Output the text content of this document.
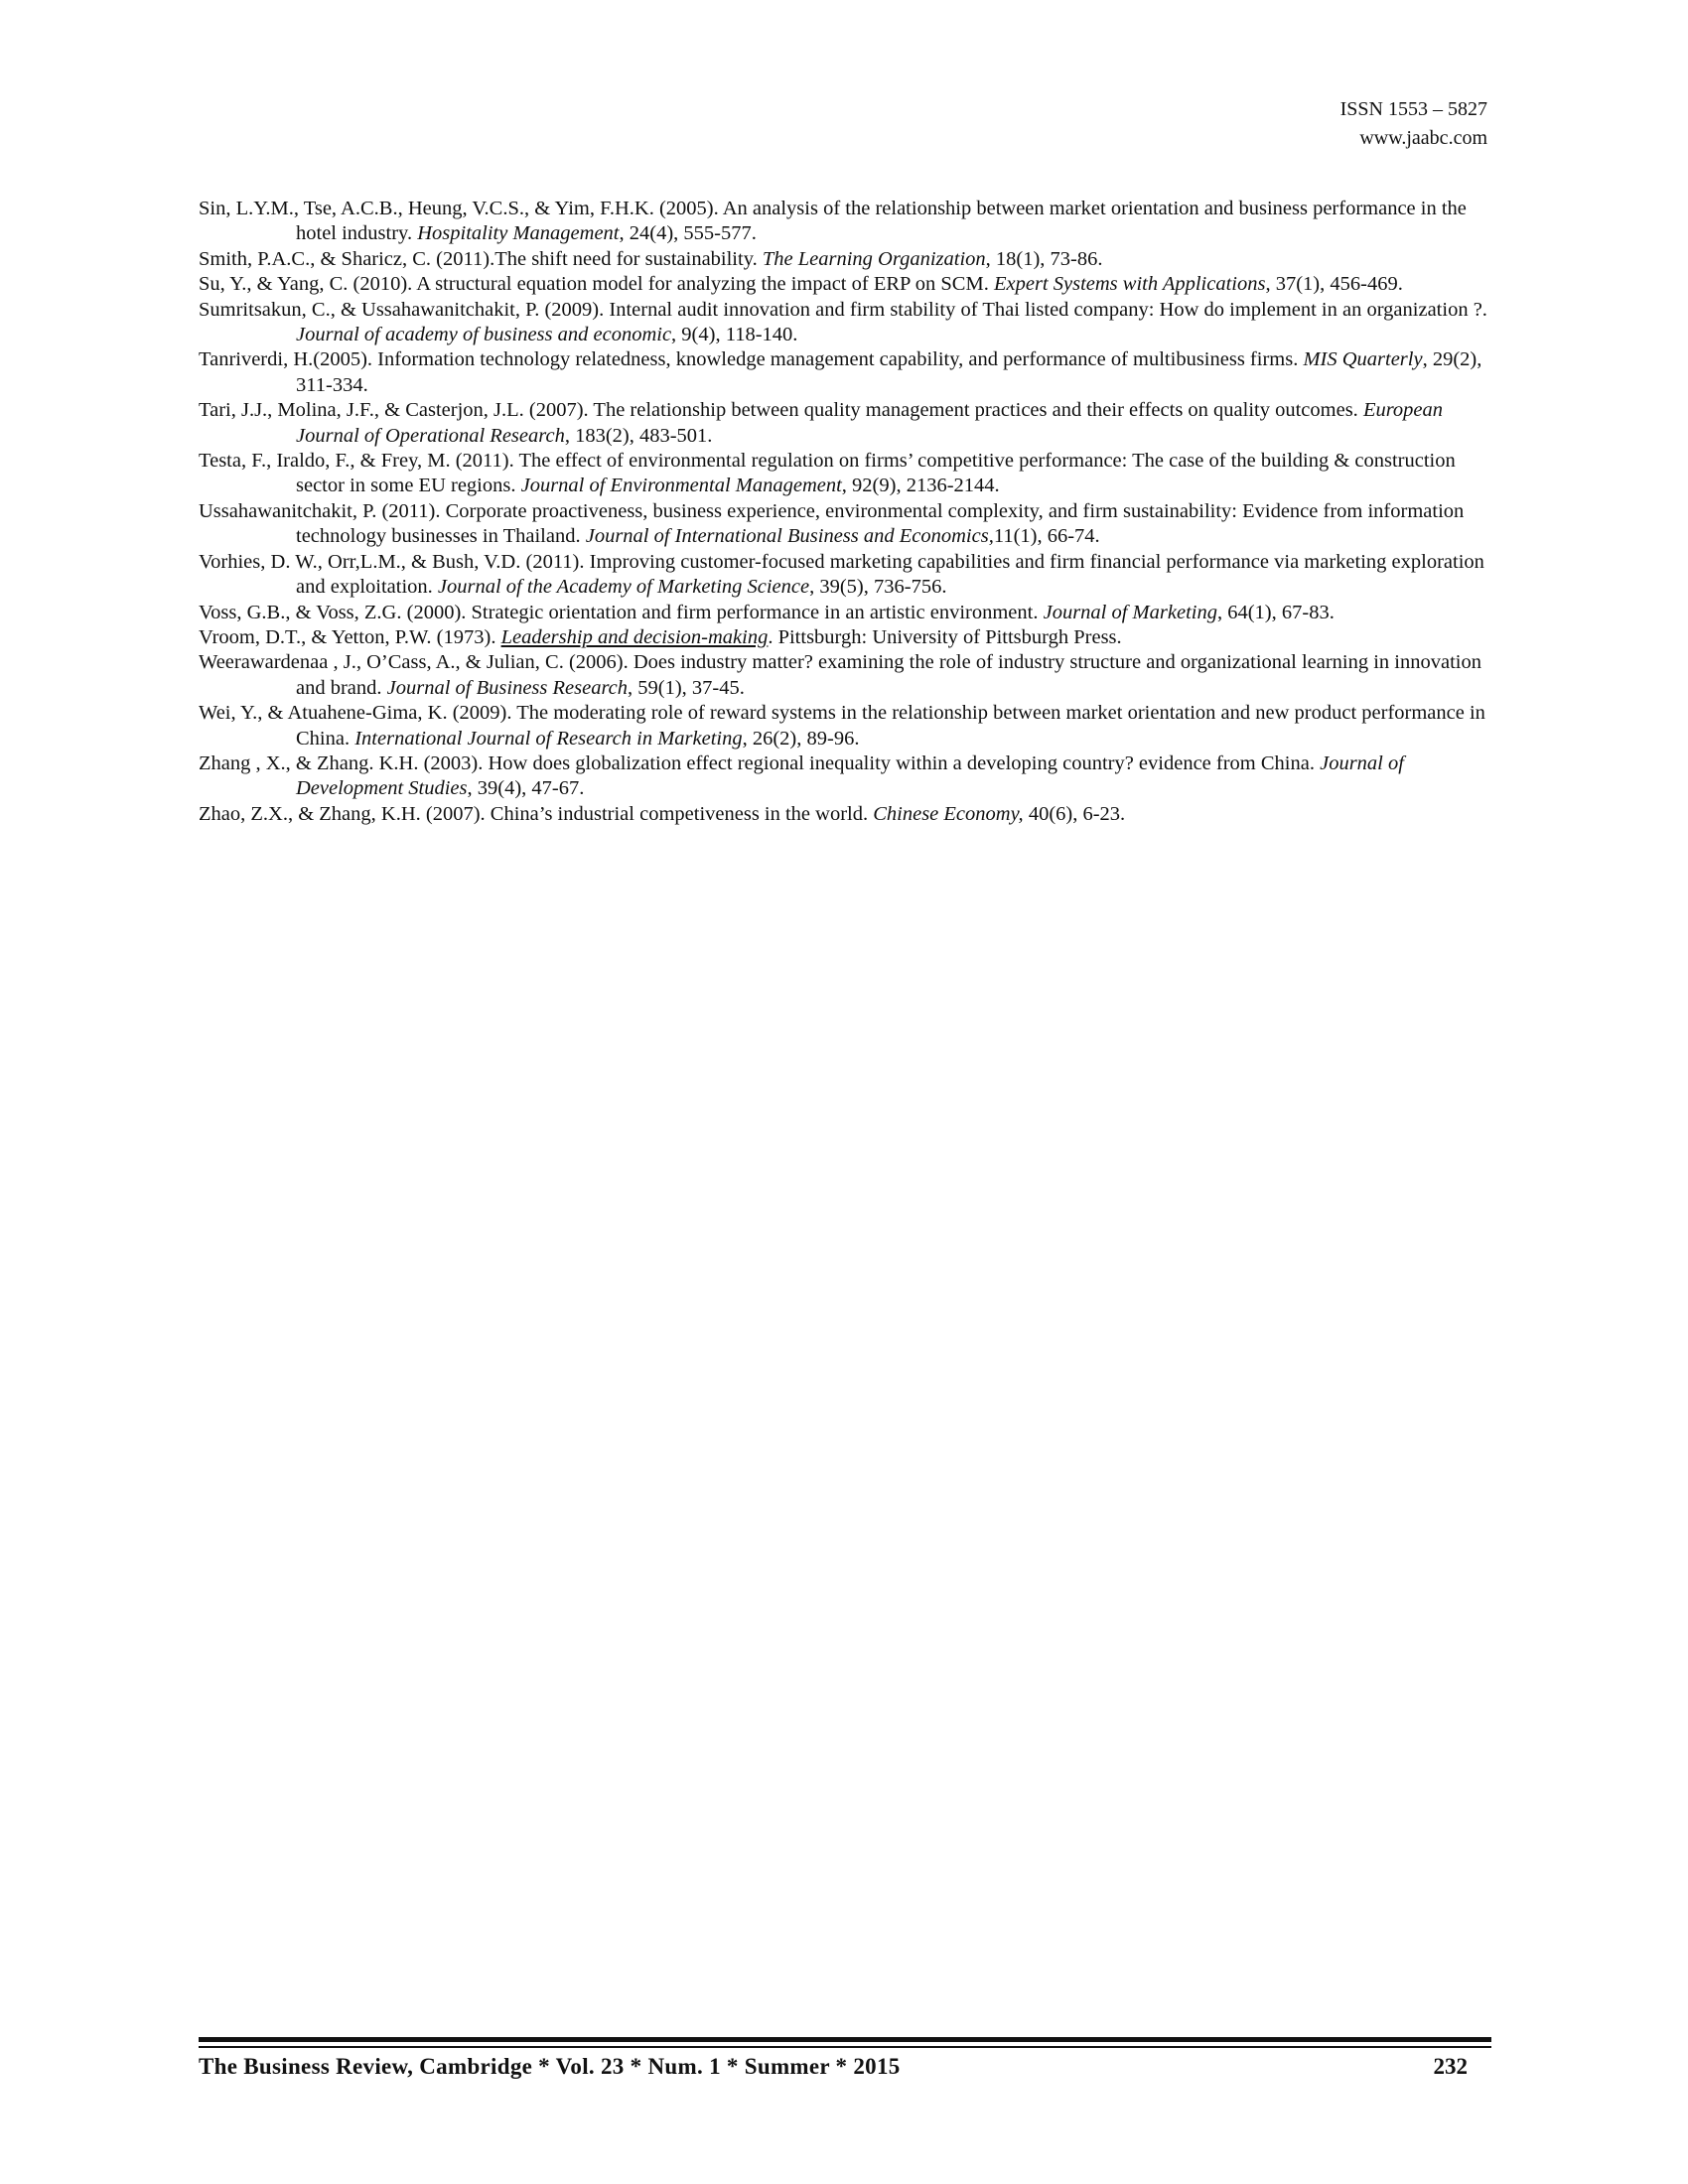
ISSN 1553 – 5827
www.jaabc.com

Sin, L.Y.M., Tse, A.C.B., Heung, V.C.S., & Yim, F.H.K. (2005). An analysis of the relationship between market orientation and business performance in the hotel industry. Hospitality Management, 24(4), 555-577.

Smith, P.A.C., & Sharicz, C. (2011).The shift need for sustainability. The Learning Organization, 18(1), 73-86.

Su, Y., & Yang, C. (2010). A structural equation model for analyzing the impact of ERP on SCM. Expert Systems with Applications, 37(1), 456-469.

Sumritsakun, C., & Ussahawanitchakit, P. (2009). Internal audit innovation and firm stability of Thai listed company: How do implement in an organization ?. Journal of academy of business and economic, 9(4), 118-140.

Tanriverdi, H.(2005). Information technology relatedness, knowledge management capability, and performance of multibusiness firms. MIS Quarterly, 29(2), 311-334.

Tari, J.J., Molina, J.F., & Casterjon, J.L. (2007). The relationship between quality management practices and their effects on quality outcomes. European Journal of Operational Research, 183(2), 483-501.

Testa, F., Iraldo, F., & Frey, M. (2011). The effect of environmental regulation on firms’ competitive performance: The case of the building & construction sector in some EU regions. Journal of Environmental Management, 92(9), 2136-2144.

Ussahawanitchakit, P. (2011). Corporate proactiveness, business experience, environmental complexity, and firm sustainability: Evidence from information technology businesses in Thailand. Journal of International Business and Economics,11(1), 66-74.

Vorhies, D. W., Orr,L.M., & Bush, V.D. (2011). Improving customer-focused marketing capabilities and firm financial performance via marketing exploration and exploitation. Journal of the Academy of Marketing Science, 39(5), 736-756.

Voss, G.B., & Voss, Z.G. (2000). Strategic orientation and firm performance in an artistic environment. Journal of Marketing, 64(1), 67-83.

Vroom, D.T., & Yetton, P.W. (1973). Leadership and decision-making. Pittsburgh: University of Pittsburgh Press.

Weerawardenaa , J., O’Cass, A., & Julian, C. (2006). Does industry matter? examining the role of industry structure and organizational learning in innovation and brand. Journal of Business Research, 59(1), 37-45.

Wei, Y., & Atuahene-Gima, K. (2009). The moderating role of reward systems in the relationship between market orientation and new product performance in China. International Journal of Research in Marketing, 26(2), 89-96.

Zhang , X., & Zhang. K.H. (2003). How does globalization effect regional inequality within a developing country? evidence from China. Journal of Development Studies, 39(4), 47-67.

Zhao, Z.X., & Zhang, K.H. (2007). China’s industrial competiveness in the world. Chinese Economy, 40(6), 6-23.

The Business Review, Cambridge * Vol. 23 * Num. 1 * Summer * 2015	232
